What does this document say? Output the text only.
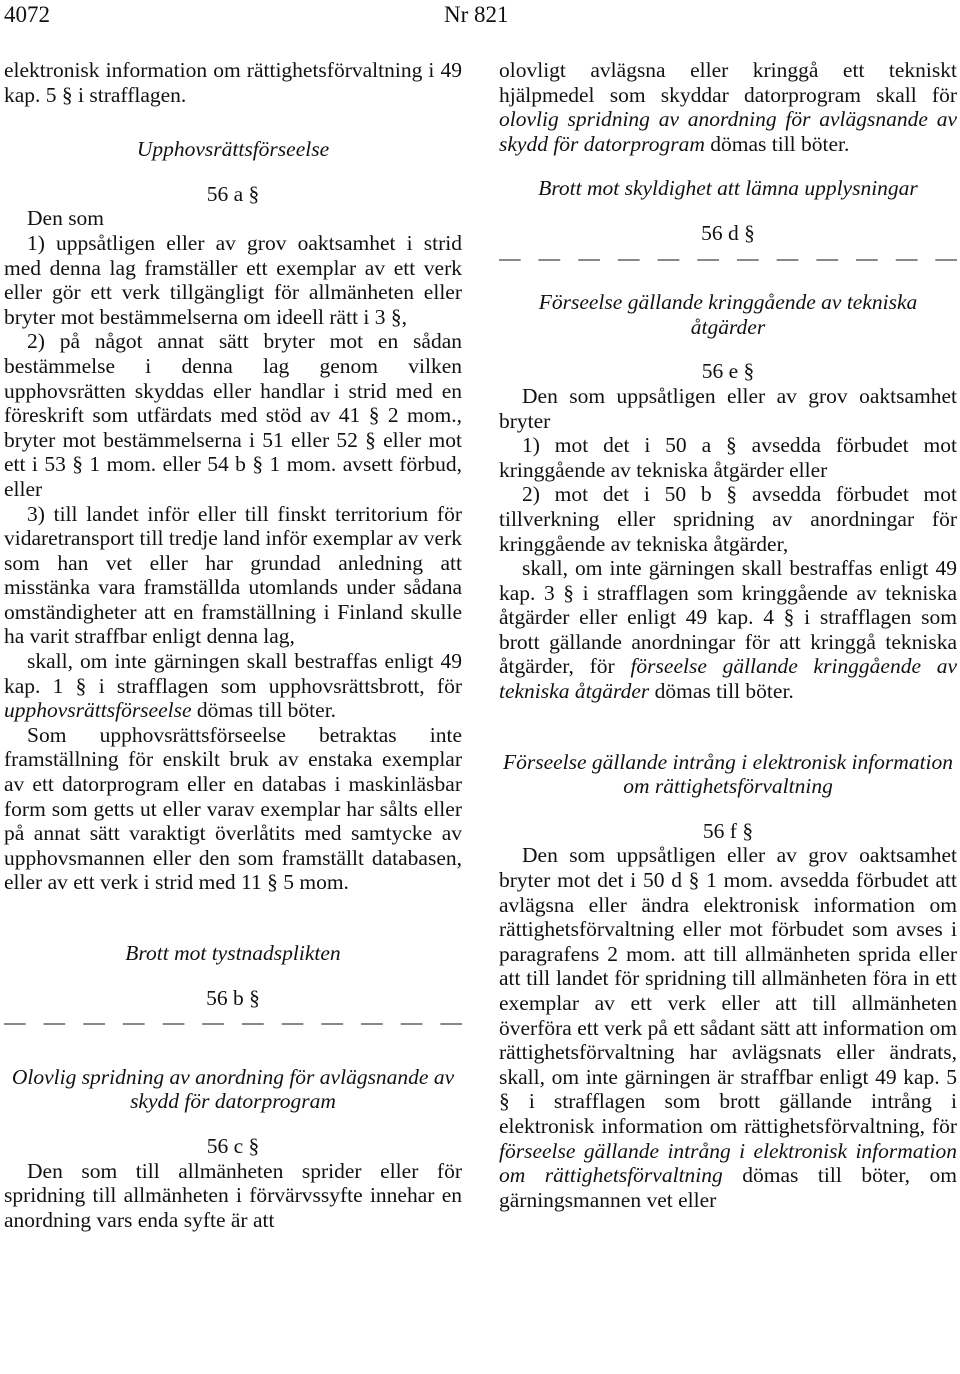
4072	Nr 821

elektronisk information om rättighetsförvaltning i 49 kap. 5 § i strafflagen.

Upphovsrättsförseelse

56 a §

Den som

1) uppsåtligen eller av grov oaktsamhet i strid med denna lag framställer ett exemplar av ett verk eller gör ett verk tillgängligt för allmänheten eller bryter mot bestämmelserna om ideell rätt i 3 §,

2) på något annat sätt bryter mot en sådan bestämmelse i denna lag genom vilken upphovsrätten skyddas eller handlar i strid med en föreskrift som utfärdats med stöd av 41 § 2 mom., bryter mot bestämmelserna i 51 eller 52 § eller mot ett i 53 § 1 mom. eller 54 b § 1 mom. avsett förbud, eller

3) till landet inför eller till finskt territorium för vidaretransport till tredje land inför exemplar av verk som han vet eller har grundad anledning att misstänka vara framställda utomlands under sådana omständigheter att en framställning i Finland skulle ha varit straffbar enligt denna lag,

skall, om inte gärningen skall bestraffas enligt 49 kap. 1 § i strafflagen som upphovsrättsbrott, för upphovsrättsförseelse dömas till böter.

Som upphovsrättsförseelse betraktas inte framställning för enskilt bruk av enstaka exemplar av ett datorprogram eller en databas i maskinläsbar form som getts ut eller varav exemplar har sålts eller på annat sätt varaktigt överlåtits med samtycke av upphovsmannen eller den som framställt databasen, eller av ett verk i strid med 11 § 5 mom.

Brott mot tystnadsplikten

56 b §

— — — — — — — — — — — —

Olovlig spridning av anordning för avlägsnande av skydd för datorprogram

56 c §

Den som till allmänheten sprider eller för spridning till allmänheten i förvärvssyfte innehar en anordning vars enda syfte är att

olovligt avlägsna eller kringgå ett tekniskt hjälpmedel som skyddar datorprogram skall för olovlig spridning av anordning för avlägsnande av skydd för datorprogram dömas till böter.

Brott mot skyldighet att lämna upplysningar

56 d §

— — — — — — — — — — — —

Förseelse gällande kringgående av tekniska åtgärder

56 e §

Den som uppsåtligen eller av grov oaktsamhet bryter

1) mot det i 50 a § avsedda förbudet mot kringgående av tekniska åtgärder eller

2) mot det i 50 b § avsedda förbudet mot tillverkning eller spridning av anordningar för kringgående av tekniska åtgärder,

skall, om inte gärningen skall bestraffas enligt 49 kap. 3 § i strafflagen som kringgående av tekniska åtgärder eller enligt 49 kap. 4 § i strafflagen som brott gällande anordningar för att kringgå tekniska åtgärder, för förseelse gällande kringgående av tekniska åtgärder dömas till böter.

Förseelse gällande intrång i elektronisk information om rättighetsförvaltning

56 f §

Den som uppsåtligen eller av grov oaktsamhet bryter mot det i 50 d § 1 mom. avsedda förbudet att avlägsna eller ändra elektronisk information om rättighetsförvaltning eller mot förbudet som avses i paragrafens 2 mom. att till allmänheten sprida eller att till landet för spridning till allmänheten föra in ett exemplar av ett verk eller att till allmänheten överföra ett verk på ett sådant sätt att information om rättighetsförvaltning har avlägsnats eller ändrats, skall, om inte gärningen är straffbar enligt 49 kap. 5 § i strafflagen som brott gällande intrång i elektronisk information om rättighetsförvaltning, för förseelse gällande intrång i elektronisk information om rättighetsförvaltning dömas till böter, om gärningsmannen vet eller
